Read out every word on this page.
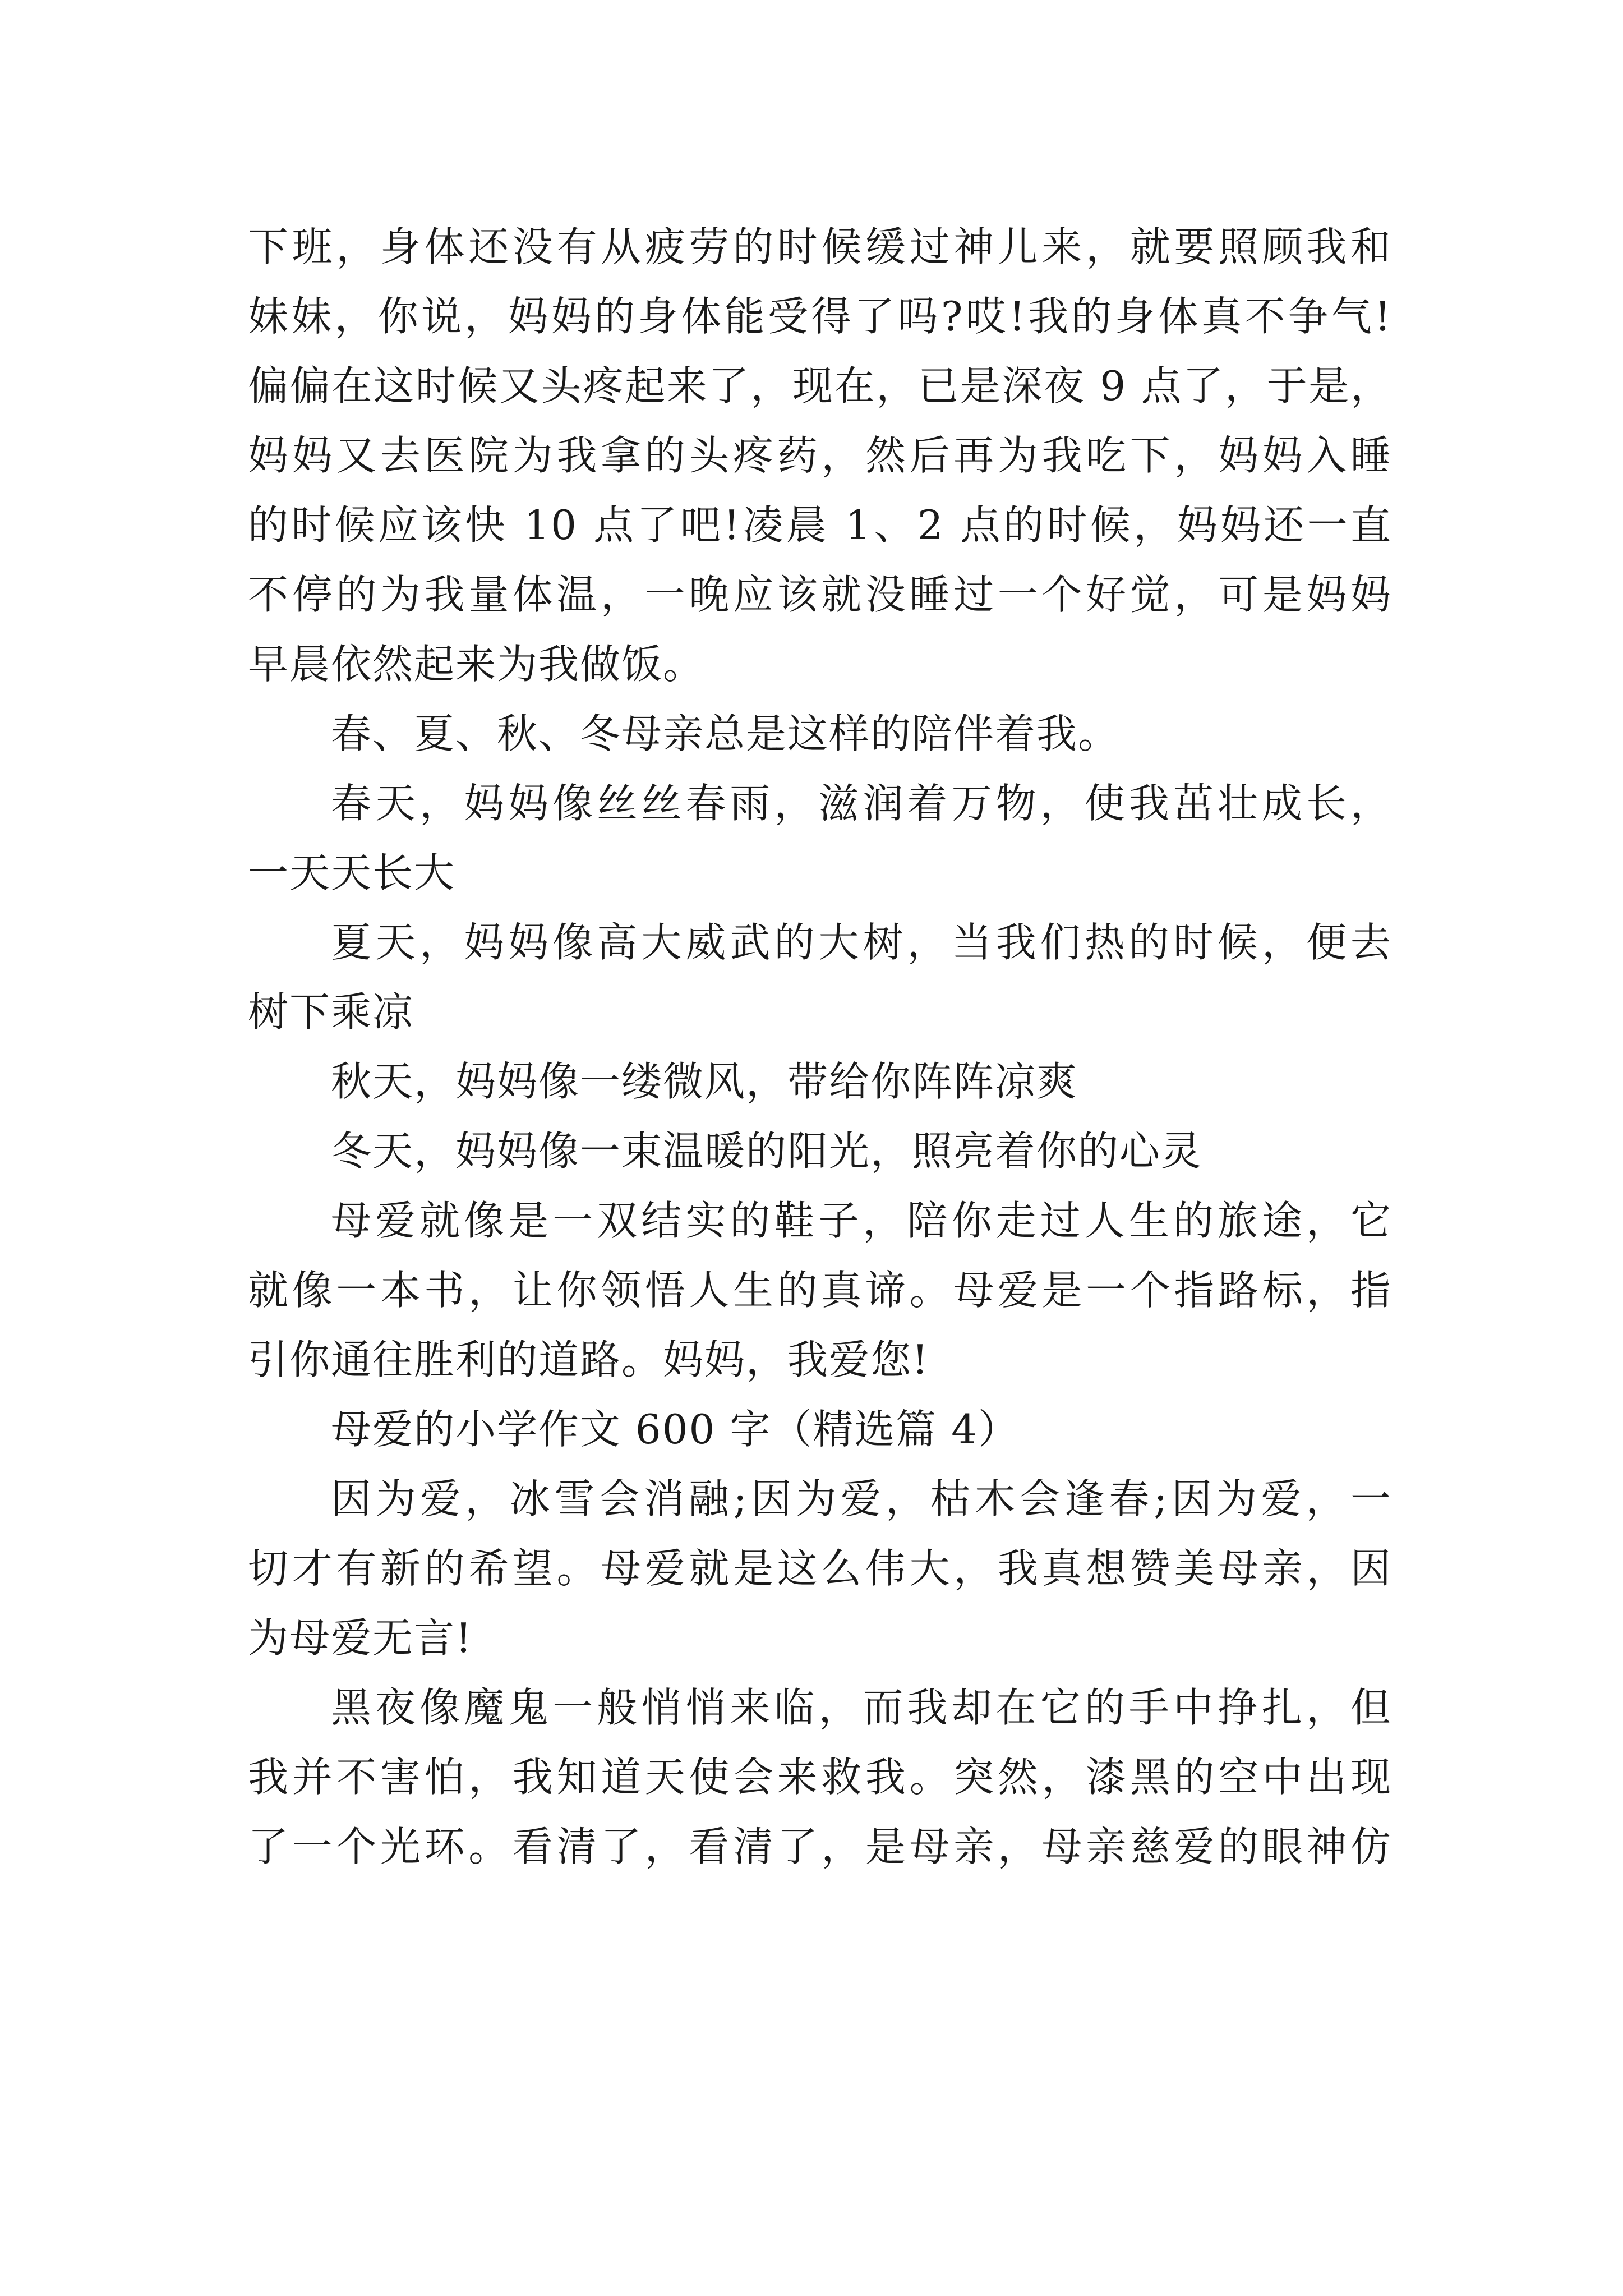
下班，身体还没有从疲劳的时候缓过神儿来，就要照顾我和
妹妹，你说，妈妈的身体能受得了吗?哎!我的身体真不争气!
偏偏在这时候又头疼起来了，现在，已是深夜 9 点了，于是，
妈妈又去医院为我拿的头疼药，然后再为我吃下，妈妈入睡
的时候应该快 10 点了吧!凌晨 1、2 点的时候，妈妈还一直
不停的为我量体温，一晚应该就没睡过一个好觉，可是妈妈
早晨依然起来为我做饭。
春、夏、秋、冬母亲总是这样的陪伴着我。
春天，妈妈像丝丝春雨，滋润着万物，使我茁壮成长，
一天天长大
夏天，妈妈像高大威武的大树，当我们热的时候，便去
树下乘凉
秋天，妈妈像一缕微风，带给你阵阵凉爽
冬天，妈妈像一束温暖的阳光，照亮着你的心灵
母爱就像是一双结实的鞋子，陪你走过人生的旅途，它
就像一本书，让你领悟人生的真谛。母爱是一个指路标，指
引你通往胜利的道路。妈妈，我爱您!
母爱的小学作文 600 字（精选篇 4）
因为爱，冰雪会消融;因为爱，枯木会逢春;因为爱，一
切才有新的希望。母爱就是这么伟大，我真想赞美母亲，因
为母爱无言!
黑夜像魔鬼一般悄悄来临，而我却在它的手中挣扎，但
我并不害怕，我知道天使会来救我。突然，漆黑的空中出现
了一个光环。看清了，看清了，是母亲，母亲慈爱的眼神仿
